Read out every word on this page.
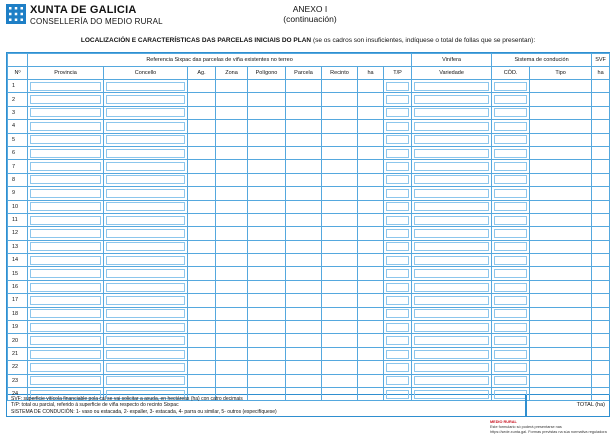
XUNTA DE GALICIA
CONSELLERÍA DO MEDIO RURAL
ANEXO I
(continuación)
LOCALIZACIÓN E CARACTERÍSTICAS DAS PARCELAS INICIAIS DO PLAN (se os cadros son insuficientes, indíquese o total de follas que se presentan):
	Referencia Sixpac das parcelas de viña existentes no terreo									Vinífera	Sistema de condución		SVF
Nº	Provincia	Concello	Ag.	Zona	Polígono	Parcela	Recinto	ha	T/P	Variedade	CÓD.	Tipo	ha
1	

2	

3	

4	

5	

6	

7	

8	

9	

10	

11	

12	

13	

14	

15	

16	

17	

18	

19	

20	

21	

22	

23	

24	

SVF: superficie vitícola financiable pola cal se vai solicitar a axuda, en hectáreas (ha) con catro decimais
T/P: total ou parcial, referido á superficie de viña respecto do recinto Sixpac
SISTEMA DE CONDUCIÓN: 1- vaso ou estacada, 2- espaller, 3- estacada, 4- parra ou similar, 5- outros (especifíquese)
TOTAL (ha)
MEDIO RURAL
Este formulario só poderá presentarse nas
https://sede.xunta.gal. Formas previstas na súa normativa reguladora
